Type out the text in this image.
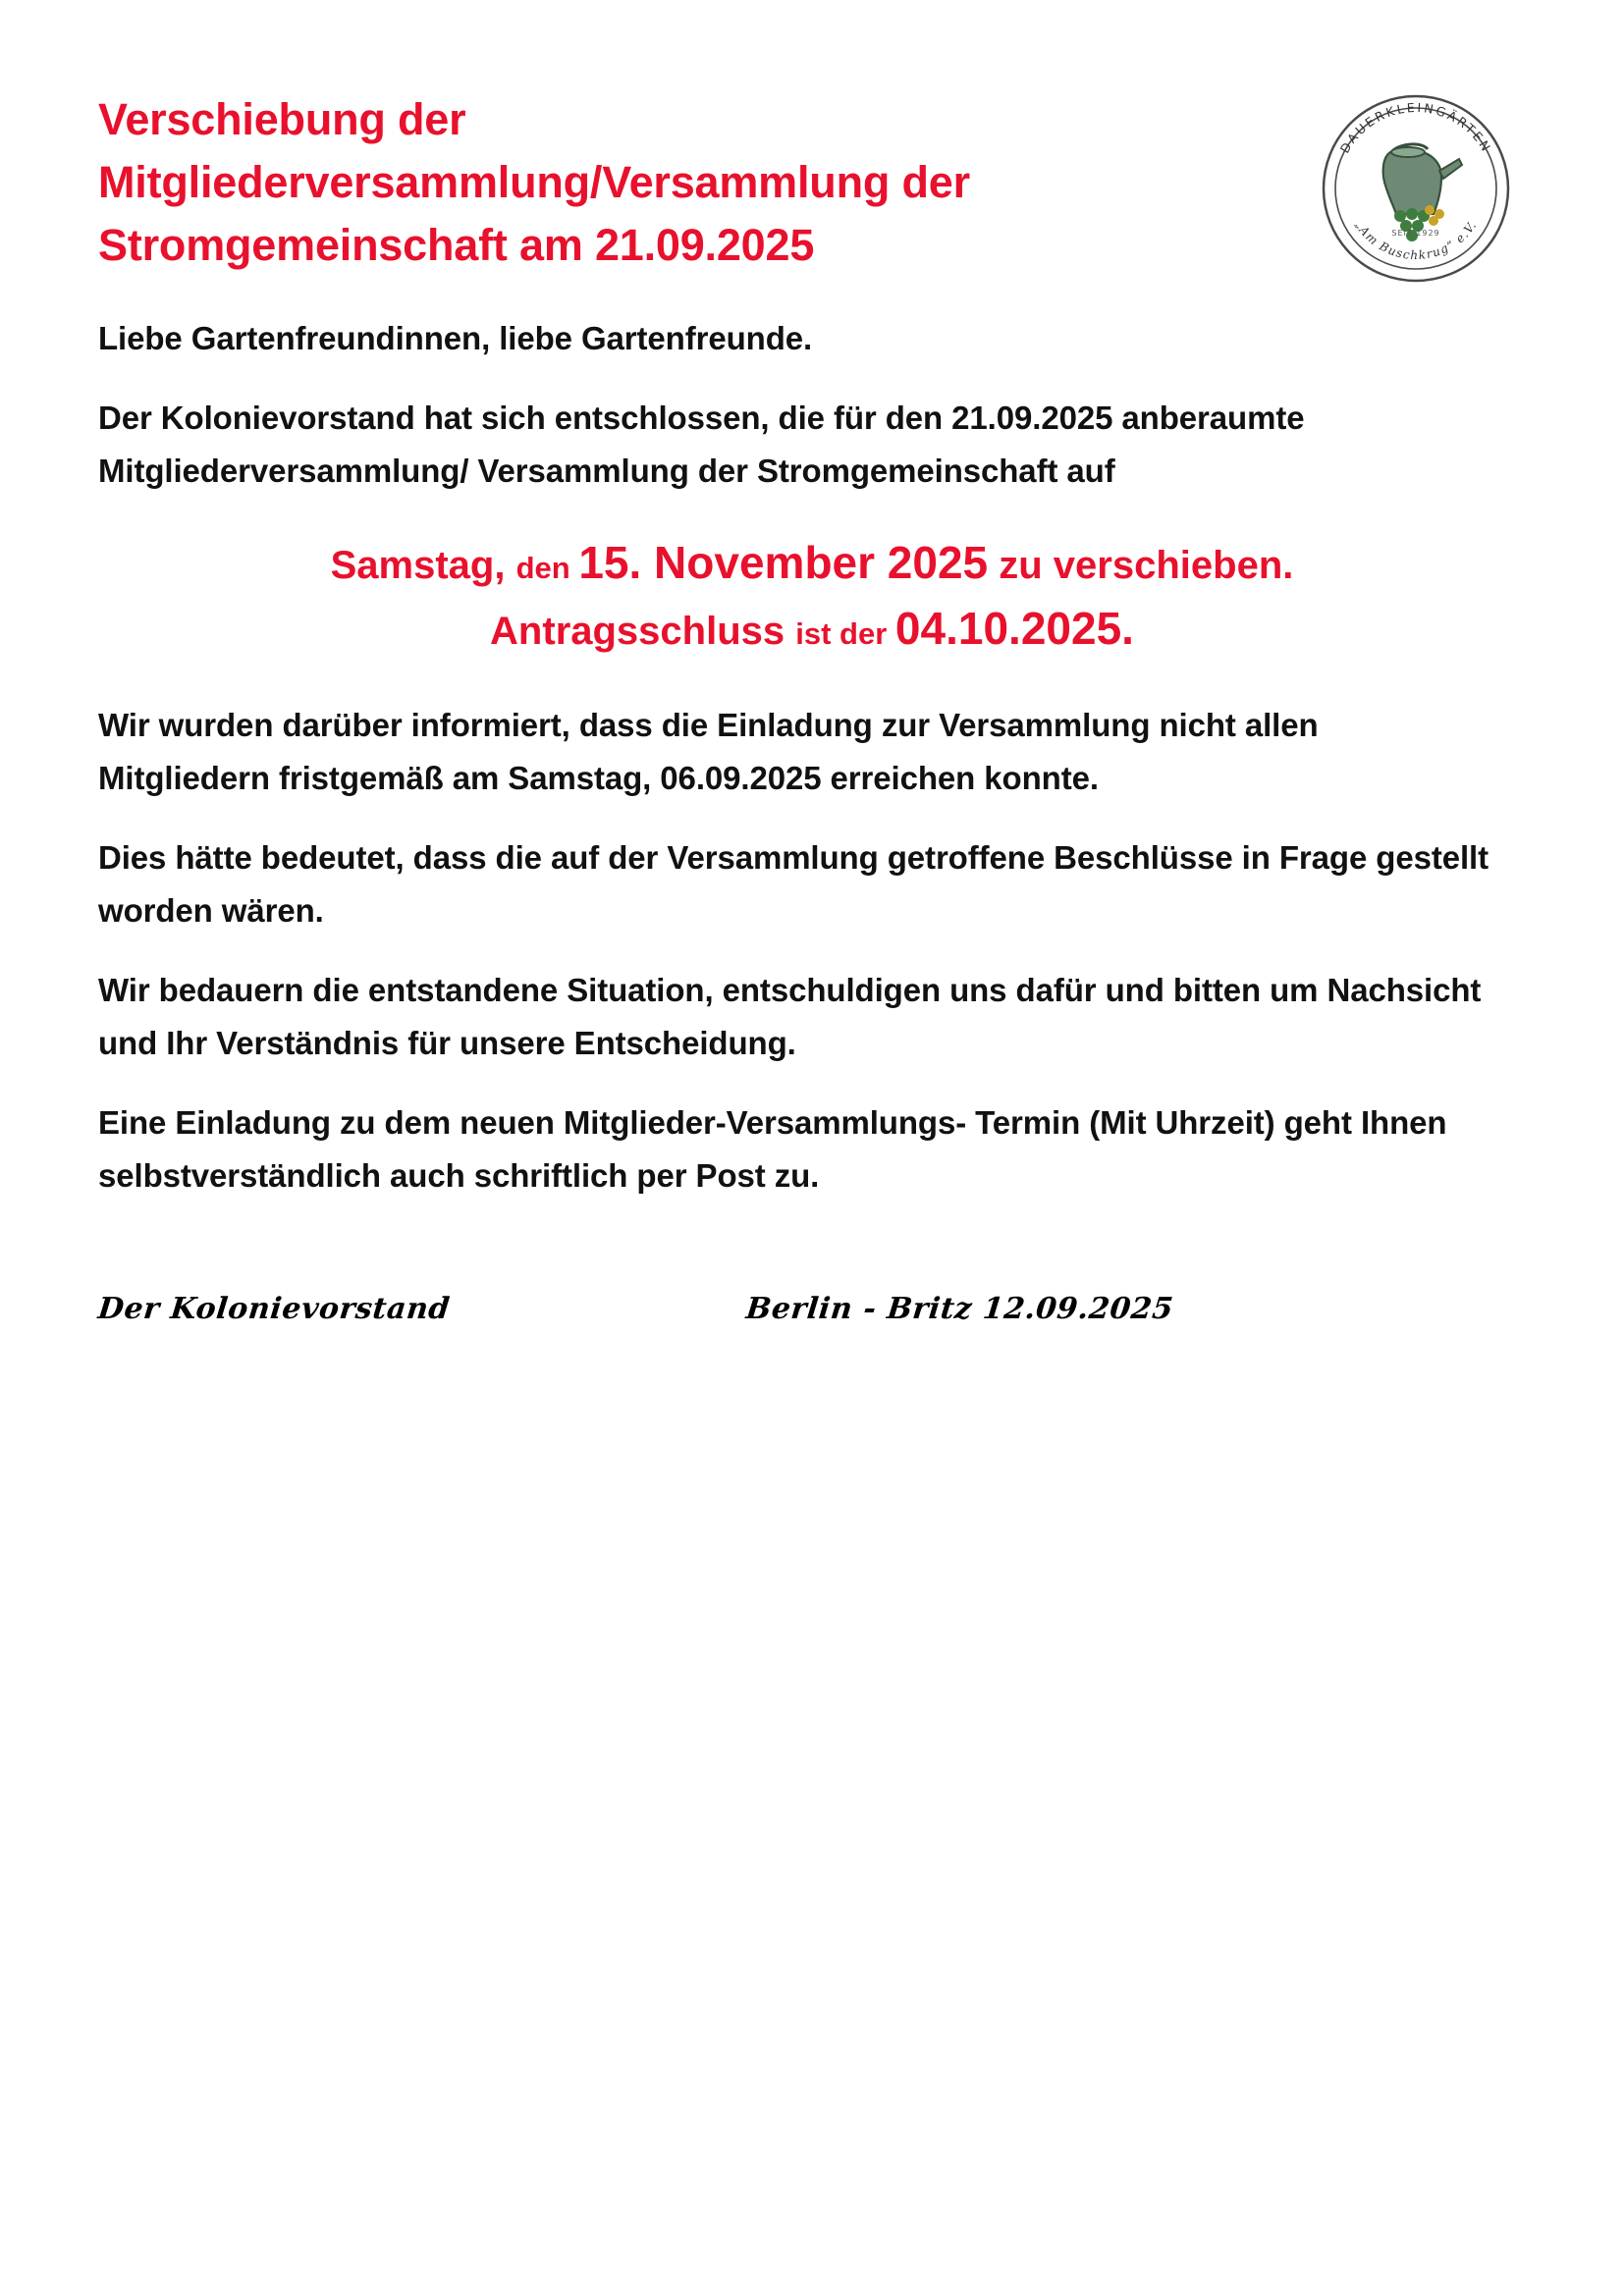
DAUERKLEINGÄRTEN
„Am Buschkrug“ e.V.
SEIT 1929
Verschiebung der Mitgliederversammlung/Versammlung der Stromgemeinschaft am 21.09.2025

Liebe Gartenfreundinnen, liebe Gartenfreunde.

Der Kolonievorstand hat sich entschlossen, die für den 21.09.2025 anberaumte Mitgliederversammlung/ Versammlung der Stromgemeinschaft auf

Samstag, den 15. November 2025 zu verschieben.
Antragsschluss ist der 04.10.2025.

Wir wurden darüber informiert, dass die Einladung zur Versammlung nicht allen Mitgliedern fristgemäß am Samstag, 06.09.2025 erreichen konnte.

Dies hätte bedeutet, dass die auf der Versammlung getroffene Beschlüsse in Frage gestellt worden wären.

Wir bedauern die entstandene Situation, entschuldigen uns dafür und bitten um Nachsicht und Ihr Verständnis für unsere Entscheidung.

Eine Einladung zu dem neuen Mitglieder-Versammlungs- Termin (Mit Uhrzeit) geht Ihnen selbstverständlich auch schriftlich per Post zu.

Der Kolonievorstand	Berlin - Britz 12.09.2025
